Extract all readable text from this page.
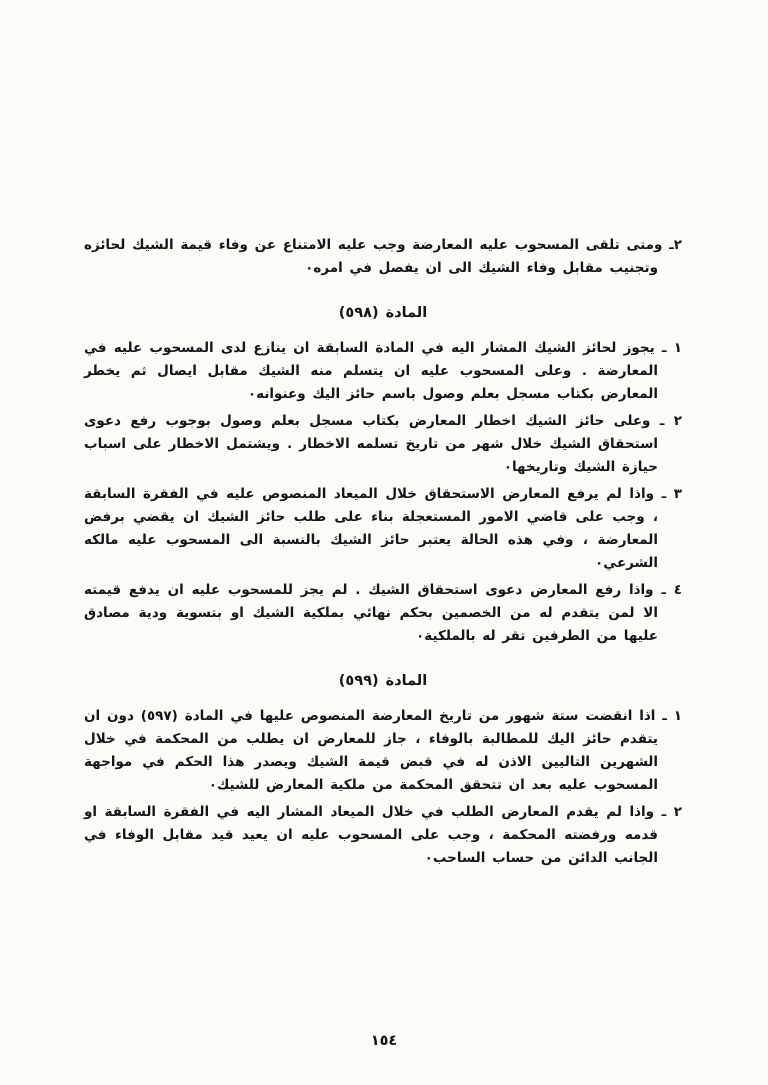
٢ـ ومتى تلقى المسحوب عليه المعارضة وجب عليه الامتناع عن وفاء قيمة الشيك لحائزه وتجنيب مقابل وفاء الشيك الى ان يفصل في امره٠

المادة (٥٩٨)

١ ـ يجوز لحائز الشيك المشار اليه في المادة السابقة ان ينازع لدى المسحوب عليه في المعارضة . وعلى المسحوب عليه ان يتسلم منه الشيك مقابل ايصال ثم يخطر المعارض بكتاب مسجل بعلم وصول باسم حائز اليك وعنوانه٠

٢ ـ وعلى حائز الشيك اخطار المعارض بكتاب مسجل بعلم وصول بوجوب رفع دعوى استحقاق الشيك خلال شهر من تاريخ تسلمه الاخطار . ويشتمل الاخطار على اسباب حيازة الشيك وتاريخها٠

٣ ـ واذا لم يرفع المعارض الاستحقاق خلال الميعاد المنصوص عليه في الفقرة السابقة ، وجب على قاضي الامور المستعجلة بناء على طلب حائز الشيك ان يقضي برفض المعارضة ، وفي هذه الحالة يعتبر حائز الشيك بالنسبة الى المسحوب عليه مالكه الشرعي٠

٤ ـ واذا رفع المعارض دعوى استحقاق الشيك . لم يجز للمسحوب عليه ان يدفع قيمته الا لمن يتقدم له من الخصمين بحكم نهائي بملكية الشيك او بتسوية ودية مصادق عليها من الطرفين تقر له بالملكية٠

المادة (٥٩٩)

١ ـ اذا انقضت ستة شهور من تاريخ المعارضة المنصوص عليها في المادة (٥٩٧) دون ان يتقدم حائز اليك للمطالبة بالوفاء ، جاز للمعارض ان يطلب من المحكمة في خلال الشهرين التاليين الاذن له في قبض قيمة الشيك ويصدر هذا الحكم في مواجهة المسحوب عليه بعد ان تتحقق المحكمة من ملكية المعارض للشيك٠

٢ ـ واذا لم يقدم المعارض الطلب في خلال الميعاد المشار اليه في الفقرة السابقة او قدمه ورفضته المحكمة ، وجب على المسحوب عليه ان يعيد قيد مقابل الوفاء في الجانب الدائن من حساب الساحب٠

١٥٤
